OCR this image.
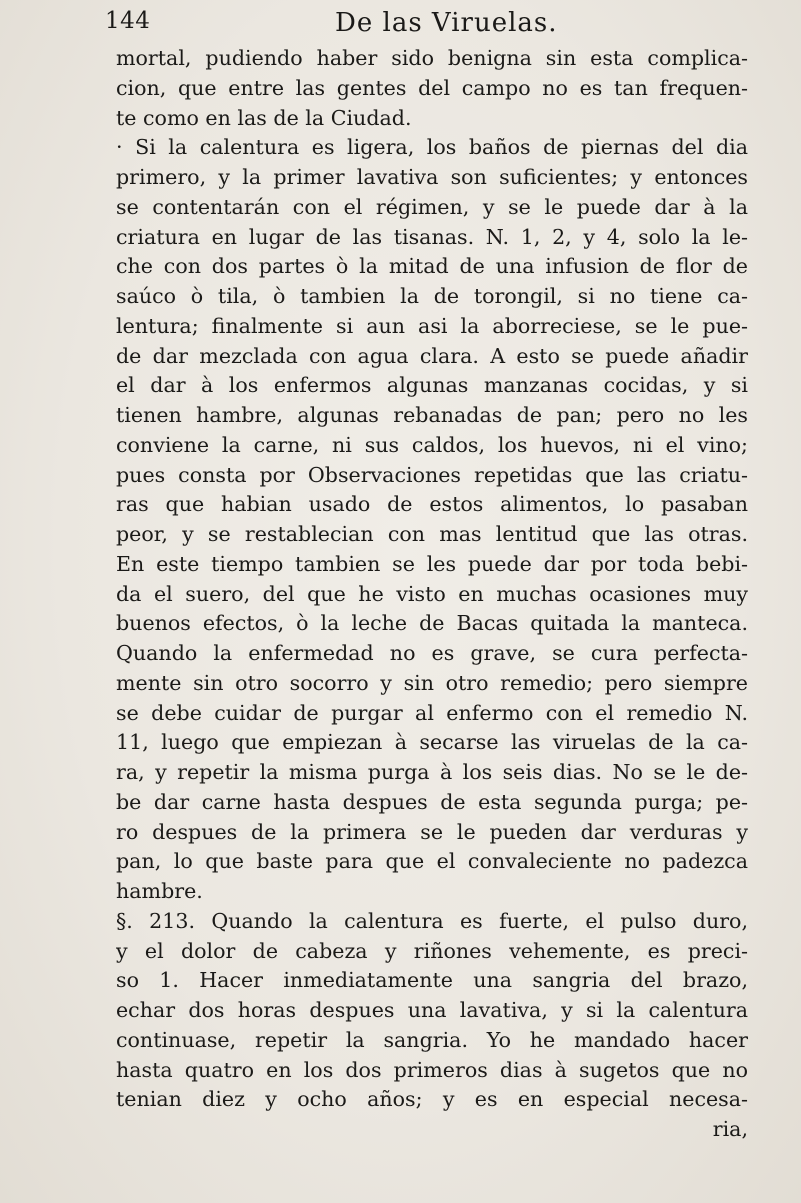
144	De las Viruelas.
mortal, pudiendo haber sido benigna sin esta complica-
cion, que entre las gentes del campo no es tan frequen-
te como en las de la Ciudad.
· Si la calentura es ligera, los baños de piernas del dia
primero, y la primer lavativa son suficientes; y entonces
se contentarán con el régimen, y se le puede dar à la
criatura en lugar de las tisanas. N. 1, 2, y 4, solo la le-
che con dos partes ò la mitad de una infusion de flor de
saúco ò tila, ò tambien la de torongil, si no tiene ca-
lentura; finalmente si aun asi la aborreciese, se le pue-
de dar mezclada con agua clara. A esto se puede añadir
el dar à los enfermos algunas manzanas cocidas, y si
tienen hambre, algunas rebanadas de pan; pero no les
conviene la carne, ni sus caldos, los huevos, ni el vino;
pues consta por Observaciones repetidas que las criatu-
ras que habian usado de estos alimentos, lo pasaban
peor, y se restablecian con mas lentitud que las otras.
En este tiempo tambien se les puede dar por toda bebi-
da el suero, del que he visto en muchas ocasiones muy
buenos efectos, ò la leche de Bacas quitada la manteca.
Quando la enfermedad no es grave, se cura perfecta-
mente sin otro socorro y sin otro remedio; pero siempre
se debe cuidar de purgar al enfermo con el remedio N.
11, luego que empiezan à secarse las viruelas de la ca-
ra, y repetir la misma purga à los seis dias. No se le de-
be dar carne hasta despues de esta segunda purga; pe-
ro despues de la primera se le pueden dar verduras y
pan, lo que baste para que el convaleciente no padezca
hambre.
§. 213. Quando la calentura es fuerte, el pulso duro,
y el dolor de cabeza y riñones vehemente, es preci-
so 1. Hacer inmediatamente una sangria del brazo,
echar dos horas despues una lavativa, y si la calentura
continuase, repetir la sangria. Yo he mandado hacer
hasta quatro en los dos primeros dias à sugetos que no
tenian diez y ocho años; y es en especial necesa-
ria,
